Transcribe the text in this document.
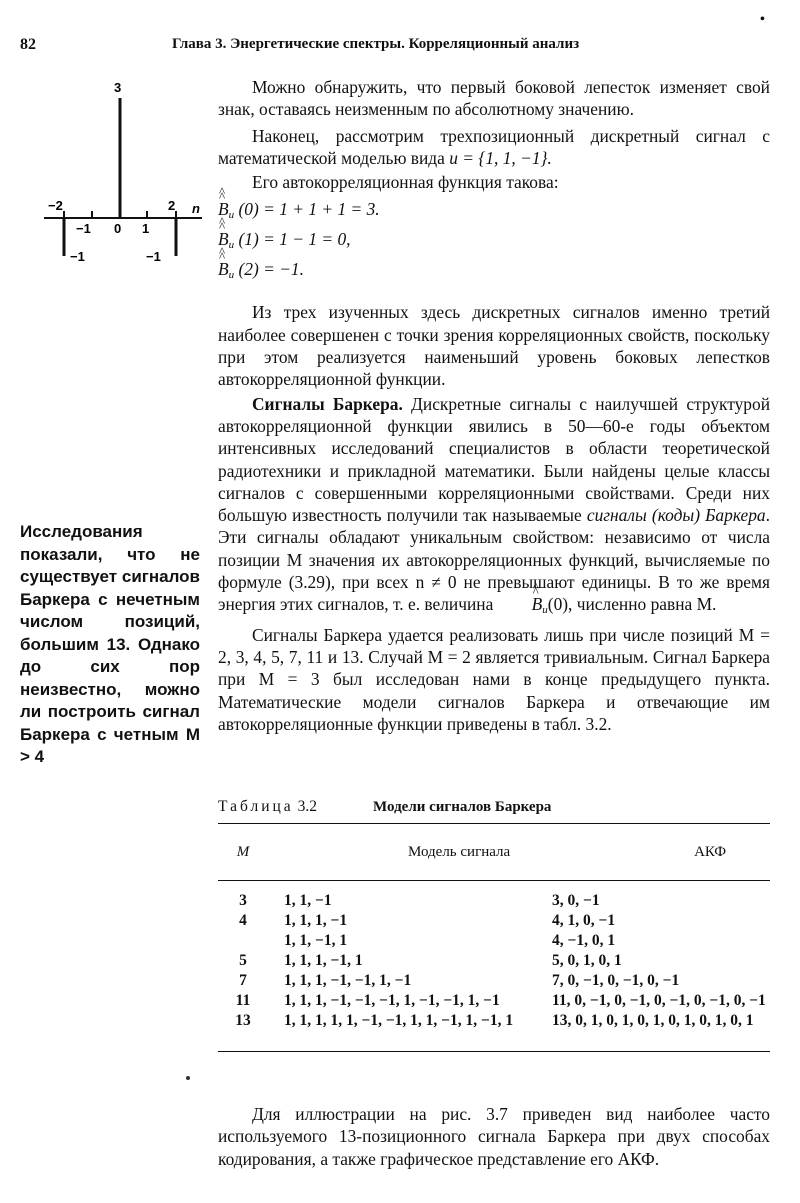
•
82	Глава 3. Энергетические спектры. Корреляционный анализ
3
n
−2
−1 0 1
2
−1	−1

Можно обнаружить, что первый боковой лепесток изменяет свой знак, оставаясь неизменным по абсолютному значению.

Наконец, рассмотрим трехпозиционный дискретный сигнал с математической моделью вида u = {1, 1, −1}.

Его автокорреляционная функция такова:

^ B $\^{}_u$ (0) = 1 + 1 + 1 = 3.

^ B $\^{}_u$ (1) = 1 − 1 = 0,

^ B $\^{}_u$ (2) = −1.

Из трех изученных здесь дискретных сигналов именно третий наиболее совершенен с точки зрения корреляционных свойств, поскольку при этом реализуется наименьший уровень боковых лепестков автокорреляционной функции.

Сигналы Баркера. Дискретные сигналы с наилучшей структурой автокорреляционной функции явились в 50—60-е годы объектом интенсивных исследований специалистов в области теоретической радиотехники и прикладной математики. Были найдены целые классы сигналов с совершенными корреляционными свойствами. Среди них большую известность получили так называемые сигналы (коды) Баркера. Эти сигналы обладают уникальным свойством: независимо от числа позиции M значения их автокорреляционных функций, вычисляемые по формуле (3.29), при всех n ≠ 0 не превышают единицы. В то же время энергия этих сигналов, т. е. величина ^ B $\^{}_u(0)$, численно равна M.

Сигналы Баркера удается реализовать лишь при числе позиций M = 2, 3, 4, 5, 7, 11 и 13. Случай M = 2 является тривиальным. Сигнал Баркера при M = 3 был исследован нами в конце предыдущего пункта. Математические модели сигналов Баркера и отвечающие им автокорреляционные функции приведены в табл. 3.2.

Исследования показали, что не существует сигналов Баркера с нечетным числом позиций, большим 13. Однако до сих пор неизвестно, можно ли построить сигнал Баркера с четным M > 4
Таблица 3.2	Модели сигналов Баркера
M	Модель сигнала	АКФ
3	1, 1, −1	3, 0, −1
4	1, 1, 1, −1	4, 1, 0, −1
	1, 1, −1, 1	4, −1, 0, 1
5	1, 1, 1, −1, 1	5, 0, 1, 0, 1
7	1, 1, 1, −1, −1, 1, −1	7, 0, −1, 0, −1, 0, −1
11	1, 1, 1, −1, −1, −1, 1, −1, −1, 1, −1	11, 0, −1, 0, −1, 0, −1, 0, −1, 0, −1
13	1, 1, 1, 1, 1, −1, −1, 1, 1, −1, 1, −1, 1	13, 0, 1, 0, 1, 0, 1, 0, 1, 0, 1, 0, 1

Для иллюстрации на рис. 3.7 приведен вид наиболее часто используемого 13-позиционного сигнала Баркера при двух способах кодирования, а также графическое представление его АКФ.
